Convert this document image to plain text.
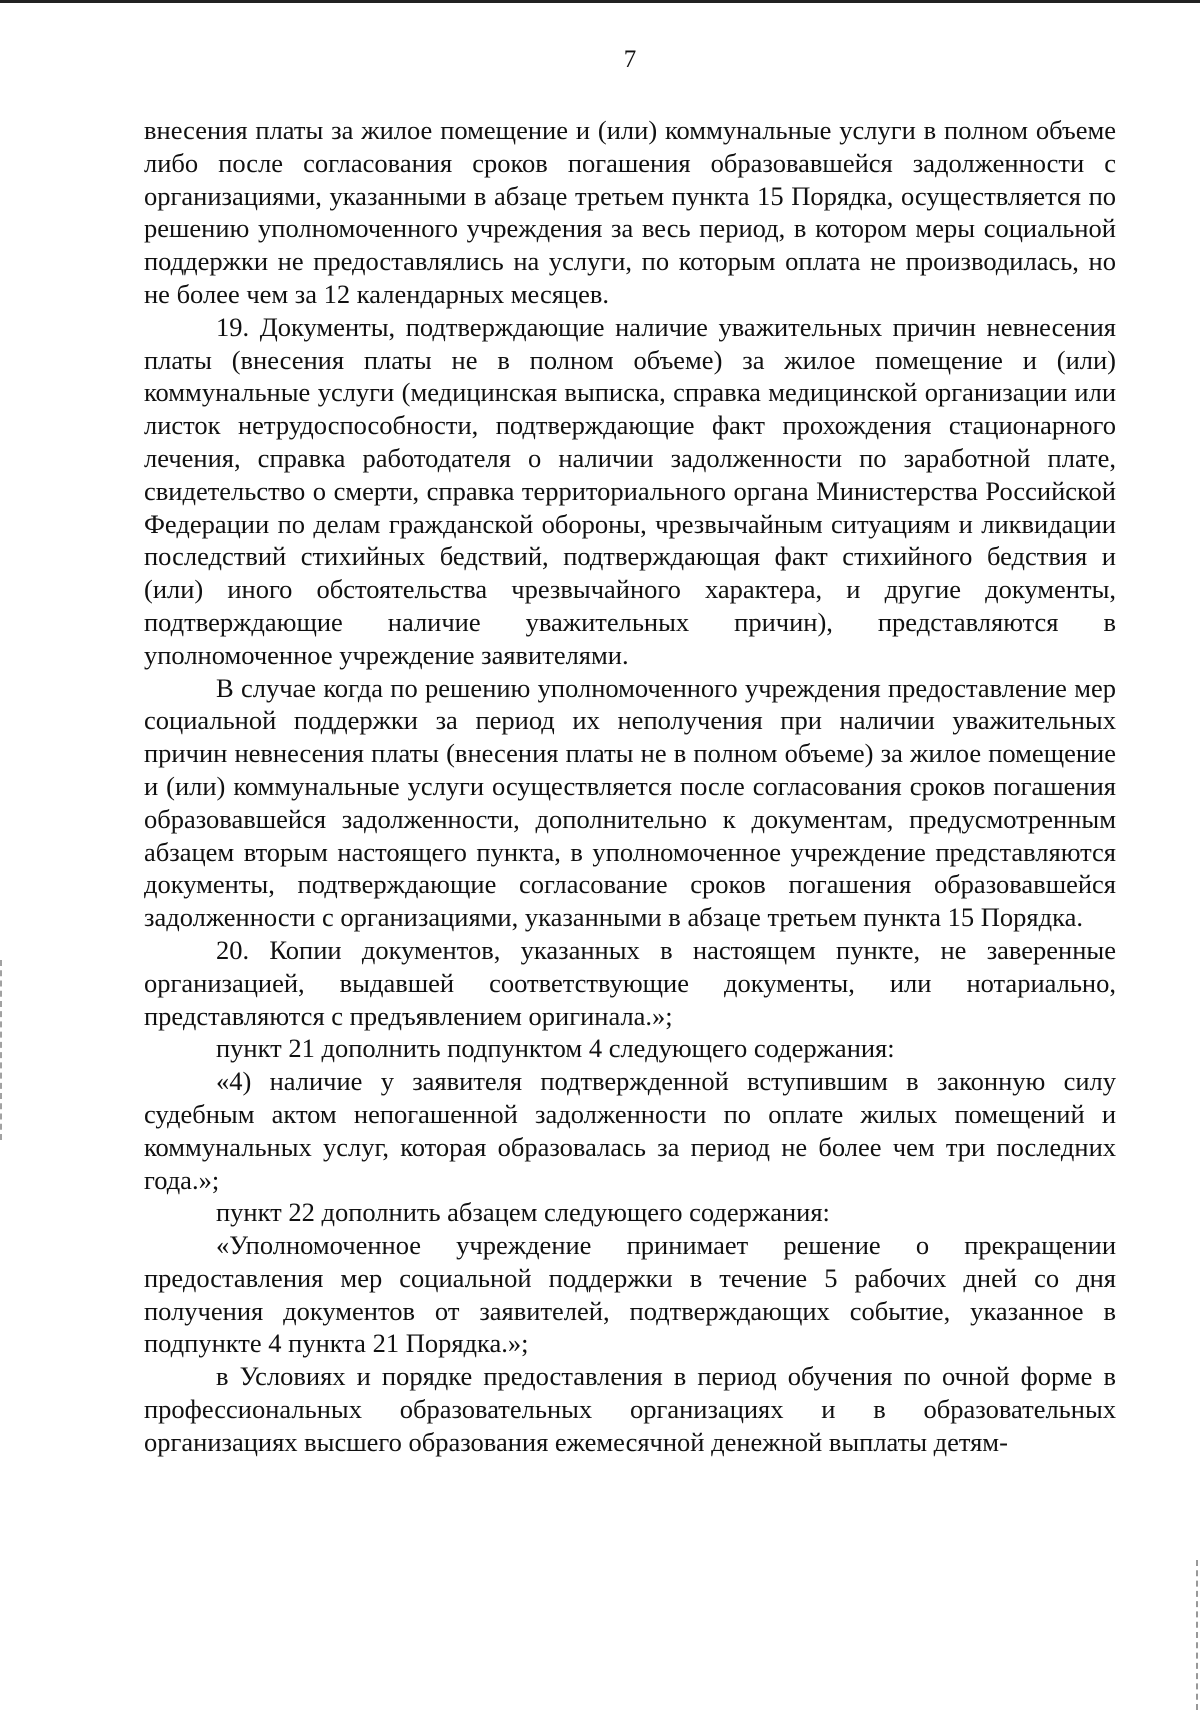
7

внесения платы за жилое помещение и (или) коммунальные услуги в полном объеме либо после согласования сроков погашения образовавшейся задолженности с организациями, указанными в абзаце третьем пункта 15 Порядка, осуществляется по решению уполномоченного учреждения за весь период, в котором меры социальной поддержки не предоставлялись на услуги, по которым оплата не производилась, но не более чем за 12 календарных месяцев.

19. Документы, подтверждающие наличие уважительных причин невнесения платы (внесения платы не в полном объеме) за жилое помещение и (или) коммунальные услуги (медицинская выписка, справка медицинской организации или листок нетрудоспособности, подтверждающие факт прохождения стационарного лечения, справка работодателя о наличии задолженности по заработной плате, свидетельство о смерти, справка территориального органа Министерства Российской Федерации по делам гражданской обороны, чрезвычайным ситуациям и ликвидации последствий стихийных бедствий, подтверждающая факт стихийного бедствия и (или) иного обстоятельства чрезвычайного характера, и другие документы, подтверждающие наличие уважительных причин), представляются в уполномоченное учреждение заявителями.

В случае когда по решению уполномоченного учреждения предоставление мер социальной поддержки за период их неполучения при наличии уважительных причин невнесения платы (внесения платы не в полном объеме) за жилое помещение и (или) коммунальные услуги осуществляется после согласования сроков погашения образовавшейся задолженности, дополнительно к документам, предусмотренным абзацем вторым настоящего пункта, в уполномоченное учреждение представляются документы, подтверждающие согласование сроков погашения образовавшейся задолженности с организациями, указанными в абзаце третьем пункта 15 Порядка.

20. Копии документов, указанных в настоящем пункте, не заверенные организацией, выдавшей соответствующие документы, или нотариально, представляются с предъявлением оригинала.»;

пункт 21 дополнить подпунктом 4 следующего содержания:

«4) наличие у заявителя подтвержденной вступившим в законную силу судебным актом непогашенной задолженности по оплате жилых помещений и коммунальных услуг, которая образовалась за период не более чем три последних года.»;

пункт 22 дополнить абзацем следующего содержания:

«Уполномоченное учреждение принимает решение о прекращении предоставления мер социальной поддержки в течение 5 рабочих дней со дня получения документов от заявителей, подтверждающих событие, указанное в подпункте 4 пункта 21 Порядка.»;

в Условиях и порядке предоставления в период обучения по очной форме в профессиональных образовательных организациях и в образовательных организациях высшего образования ежемесячной денежной выплаты детям-
